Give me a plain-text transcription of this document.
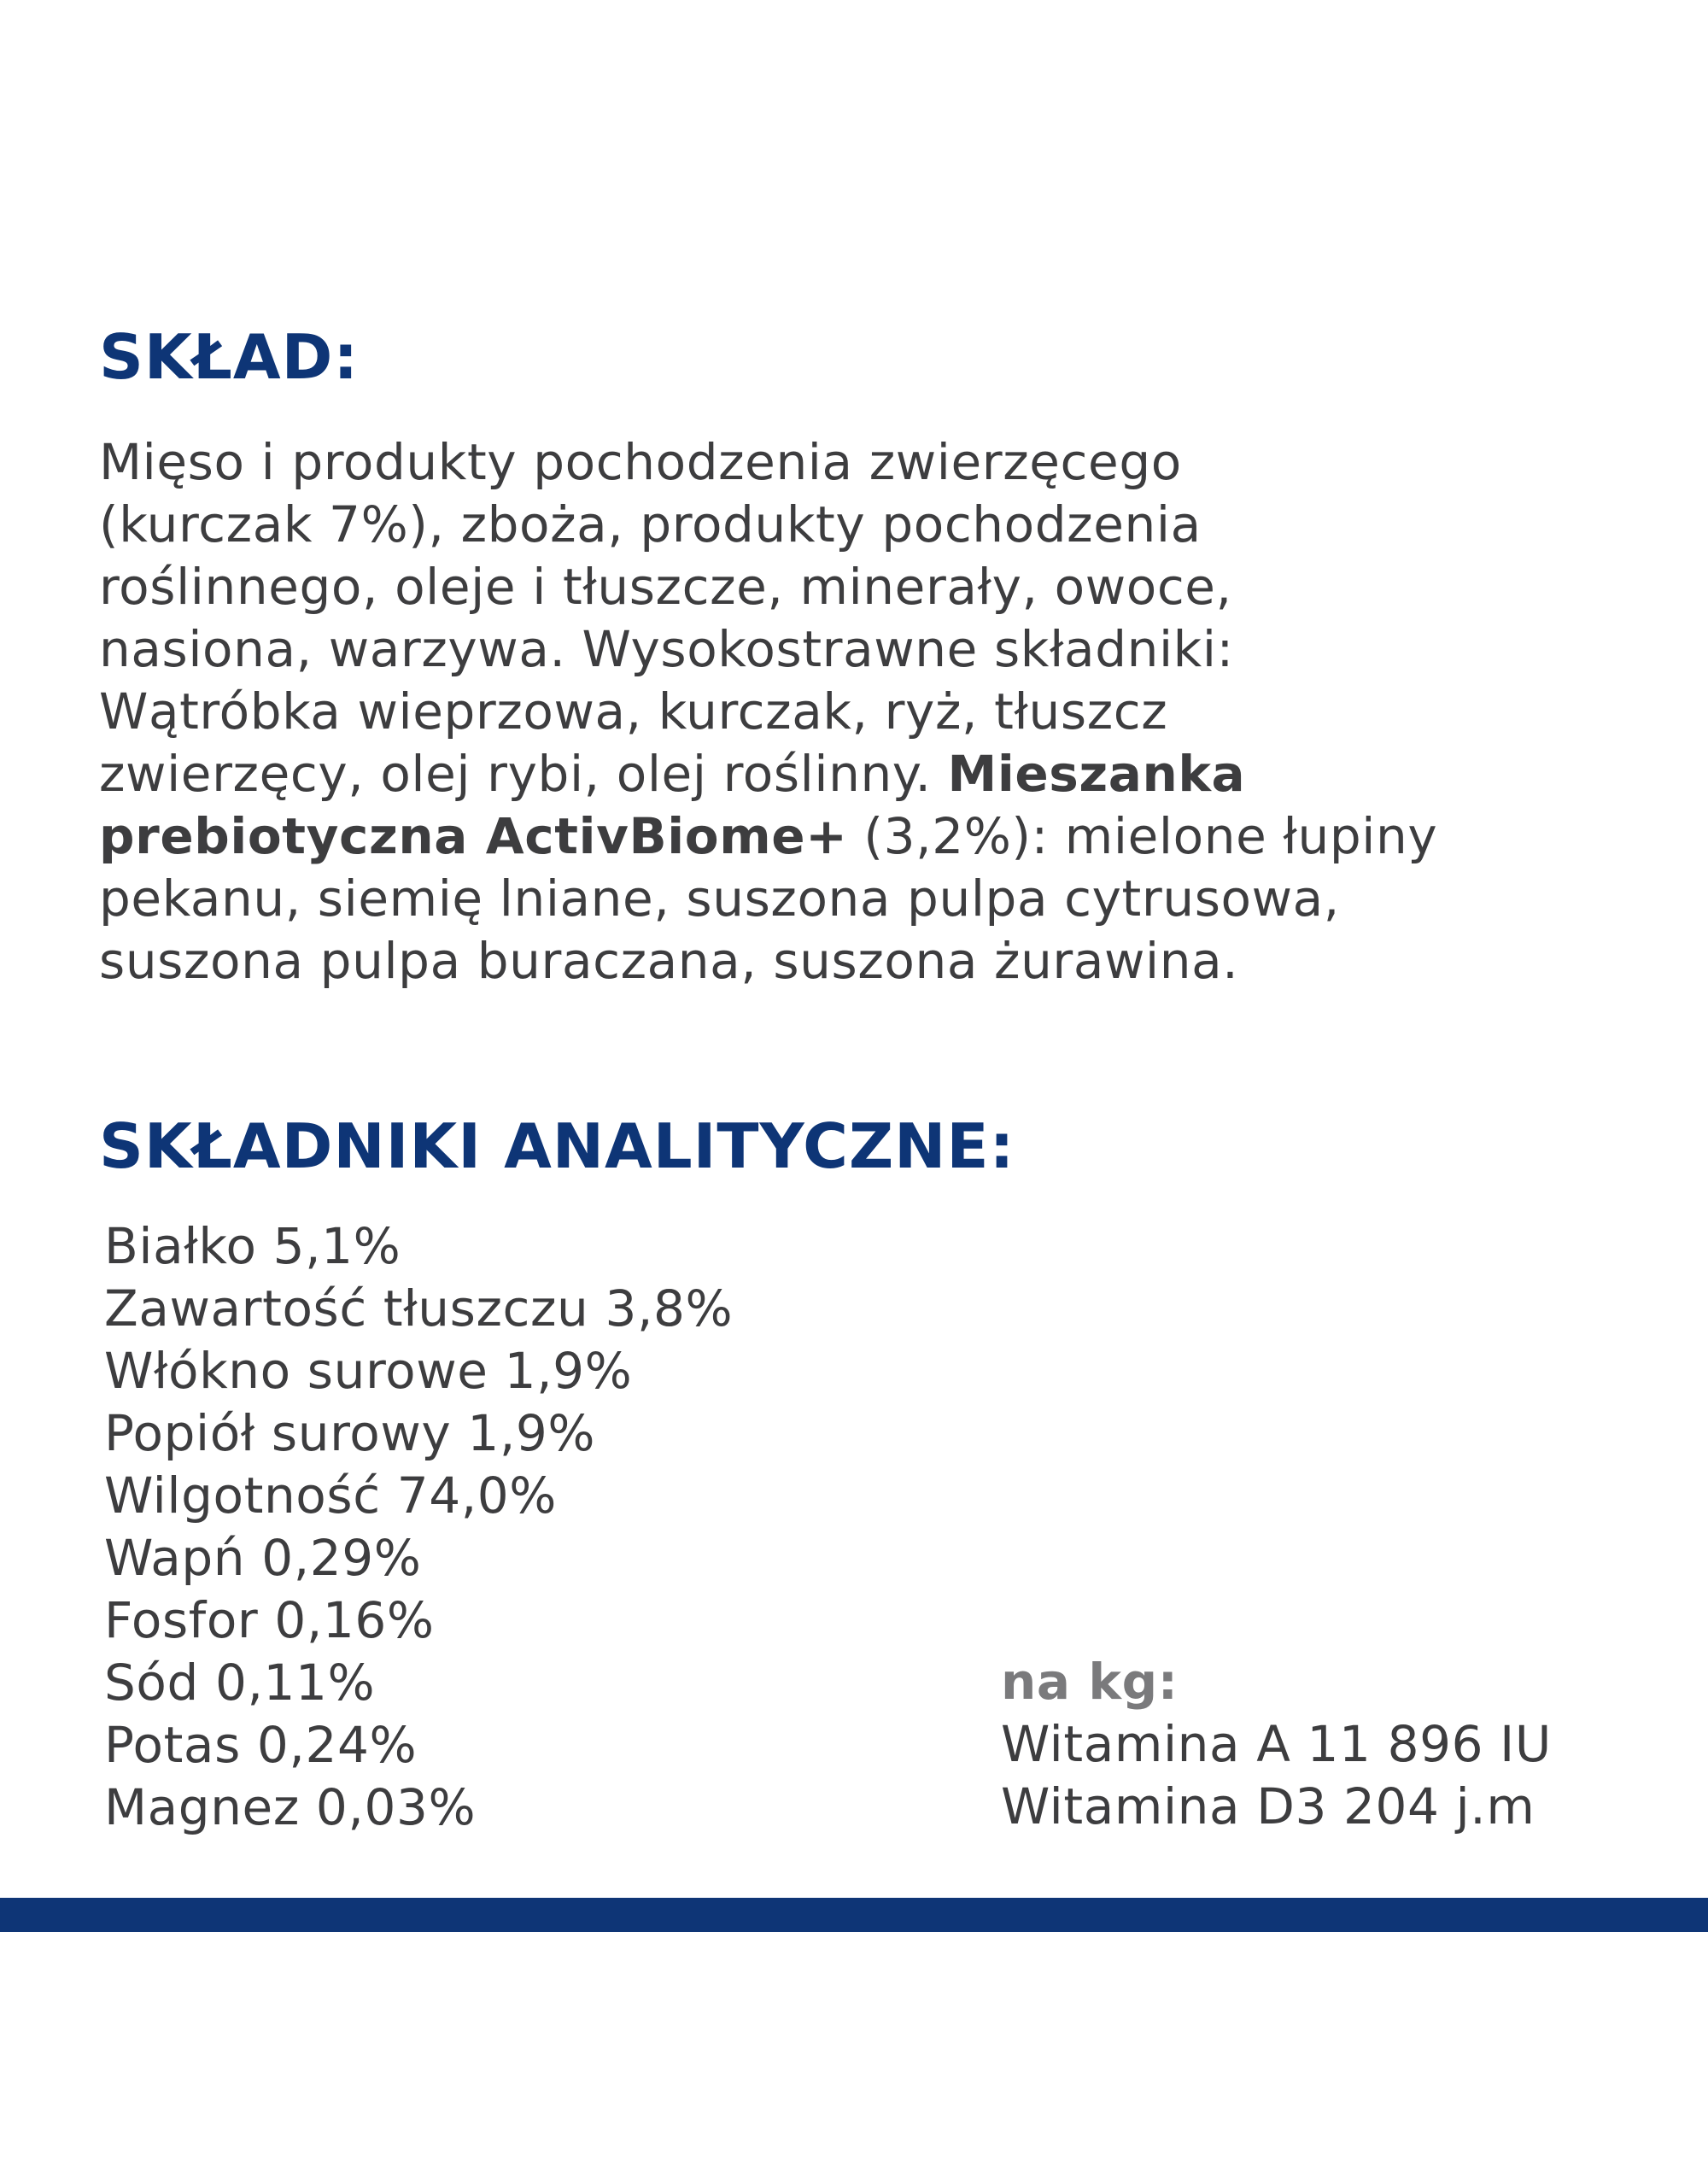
SKŁAD:

Mięso i produkty pochodzenia zwierzęcego
(kurczak 7%), zboża, produkty pochodzenia
roślinnego, oleje i tłuszcze, minerały, owoce,
nasiona, warzywa. Wysokostrawne składniki:
Wątróbka wieprzowa, kurczak, ryż, tłuszcz
zwierzęcy, olej rybi, olej roślinny. Mieszanka
prebiotyczna ActivBiome+ (3,2%): mielone łupiny
pekanu, siemię lniane, suszona pulpa cytrusowa,
suszona pulpa buraczana, suszona żurawina.

SKŁADNIKI ANALITYCZNE:
Białko 5,1%
Zawartość tłuszczu 3,8%
Włókno surowe 1,9%
Popiół surowy 1,9%
Wilgotność 74,0%
Wapń 0,29%
Fosfor 0,16%
Sód 0,11%
Potas 0,24%
Magnez 0,03%
na kg:
Witamina A 11 896 IU
Witamina D3 204 j.m
